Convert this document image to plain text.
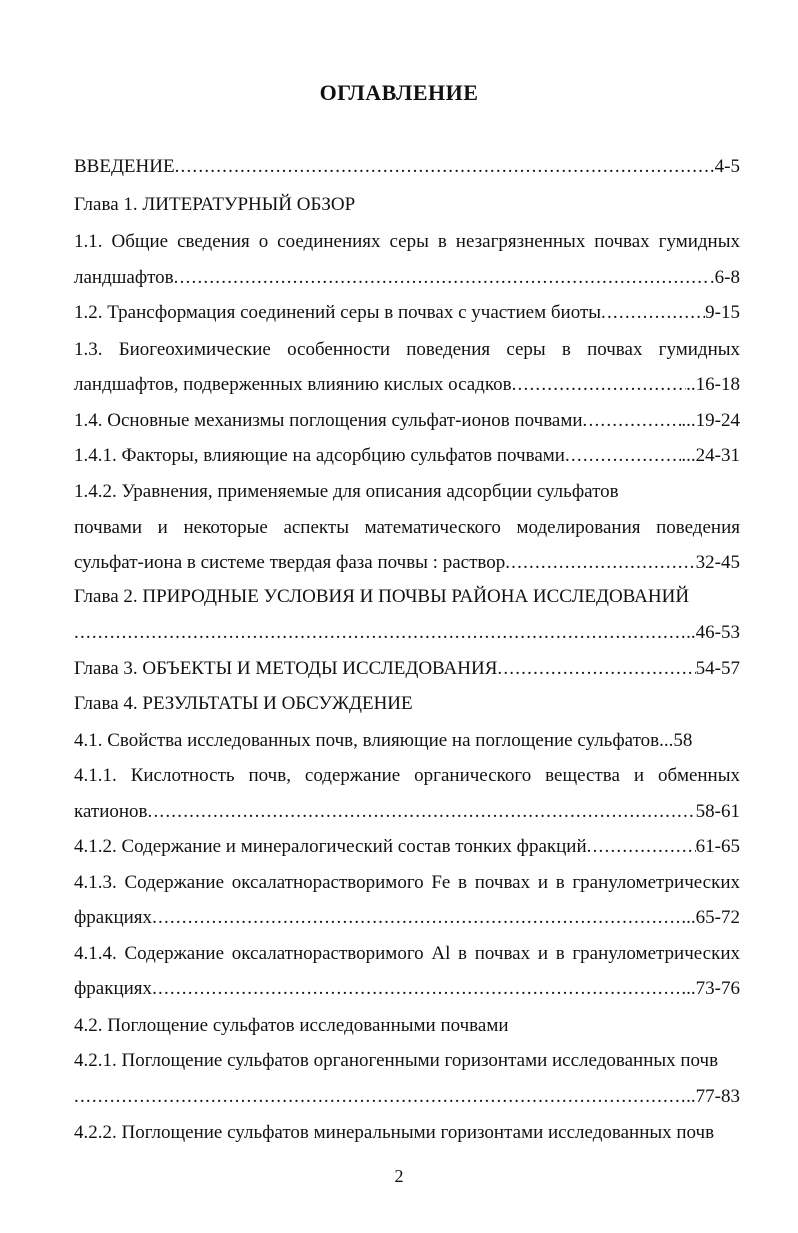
ОГЛАВЛЕНИЕ
ВВЕДЕНИЕ .....	.4-5
Глава 1. ЛИТЕРАТУРНЫЙ ОБЗОР
1.1. Общие сведения о соединениях серы в незагрязненных почвах гумидных
ландшафтов .....	.6-8
1.2. Трансформация соединений серы в почвах с участием биоты .....	9-15
1.3. Биогеохимические особенности поведения серы в почвах гумидных
ландшафтов, подверженных влиянию кислых осадков .....	..16-18
1.4. Основные механизмы поглощения сульфат-ионов почвами .....	...19-24
1.4.1. Факторы, влияющие на адсорбцию сульфатов почвами .....	...24-31
1.4.2. Уравнения, применяемые для описания адсорбции сульфатов
почвами и некоторые аспекты математического моделирования поведения
сульфат-иона в системе твердая фаза почвы : раствор .....	32-45
Глава 2. ПРИРОДНЫЕ УСЛОВИЯ И ПОЧВЫ РАЙОНА ИССЛЕДОВАНИЙ
.....
..46-53
Глава 3. ОБЪЕКТЫ И МЕТОДЫ ИССЛЕДОВАНИЯ .....	54-57
Глава 4. РЕЗУЛЬТАТЫ И ОБСУЖДЕНИЕ
4.1. Свойства исследованных почв, влияющие на поглощение сульфатов...58
4.1.1. Кислотность почв, содержание органического вещества и обменных
катионов .....	58-61
4.1.2. Содержание и минералогический состав тонких фракций .....	61-65
4.1.3. Содержание оксалатнорастворимого Fe в почвах и в гранулометрических
фракциях .....	...65-72
4.1.4. Содержание оксалатнорастворимого Al в почвах и в гранулометрических
фракциях .....	...73-76
4.2. Поглощение сульфатов исследованными почвами
4.2.1. Поглощение сульфатов органогенными горизонтами исследованных почв
.....
..77-83
4.2.2. Поглощение сульфатов минеральными горизонтами исследованных почв
2
